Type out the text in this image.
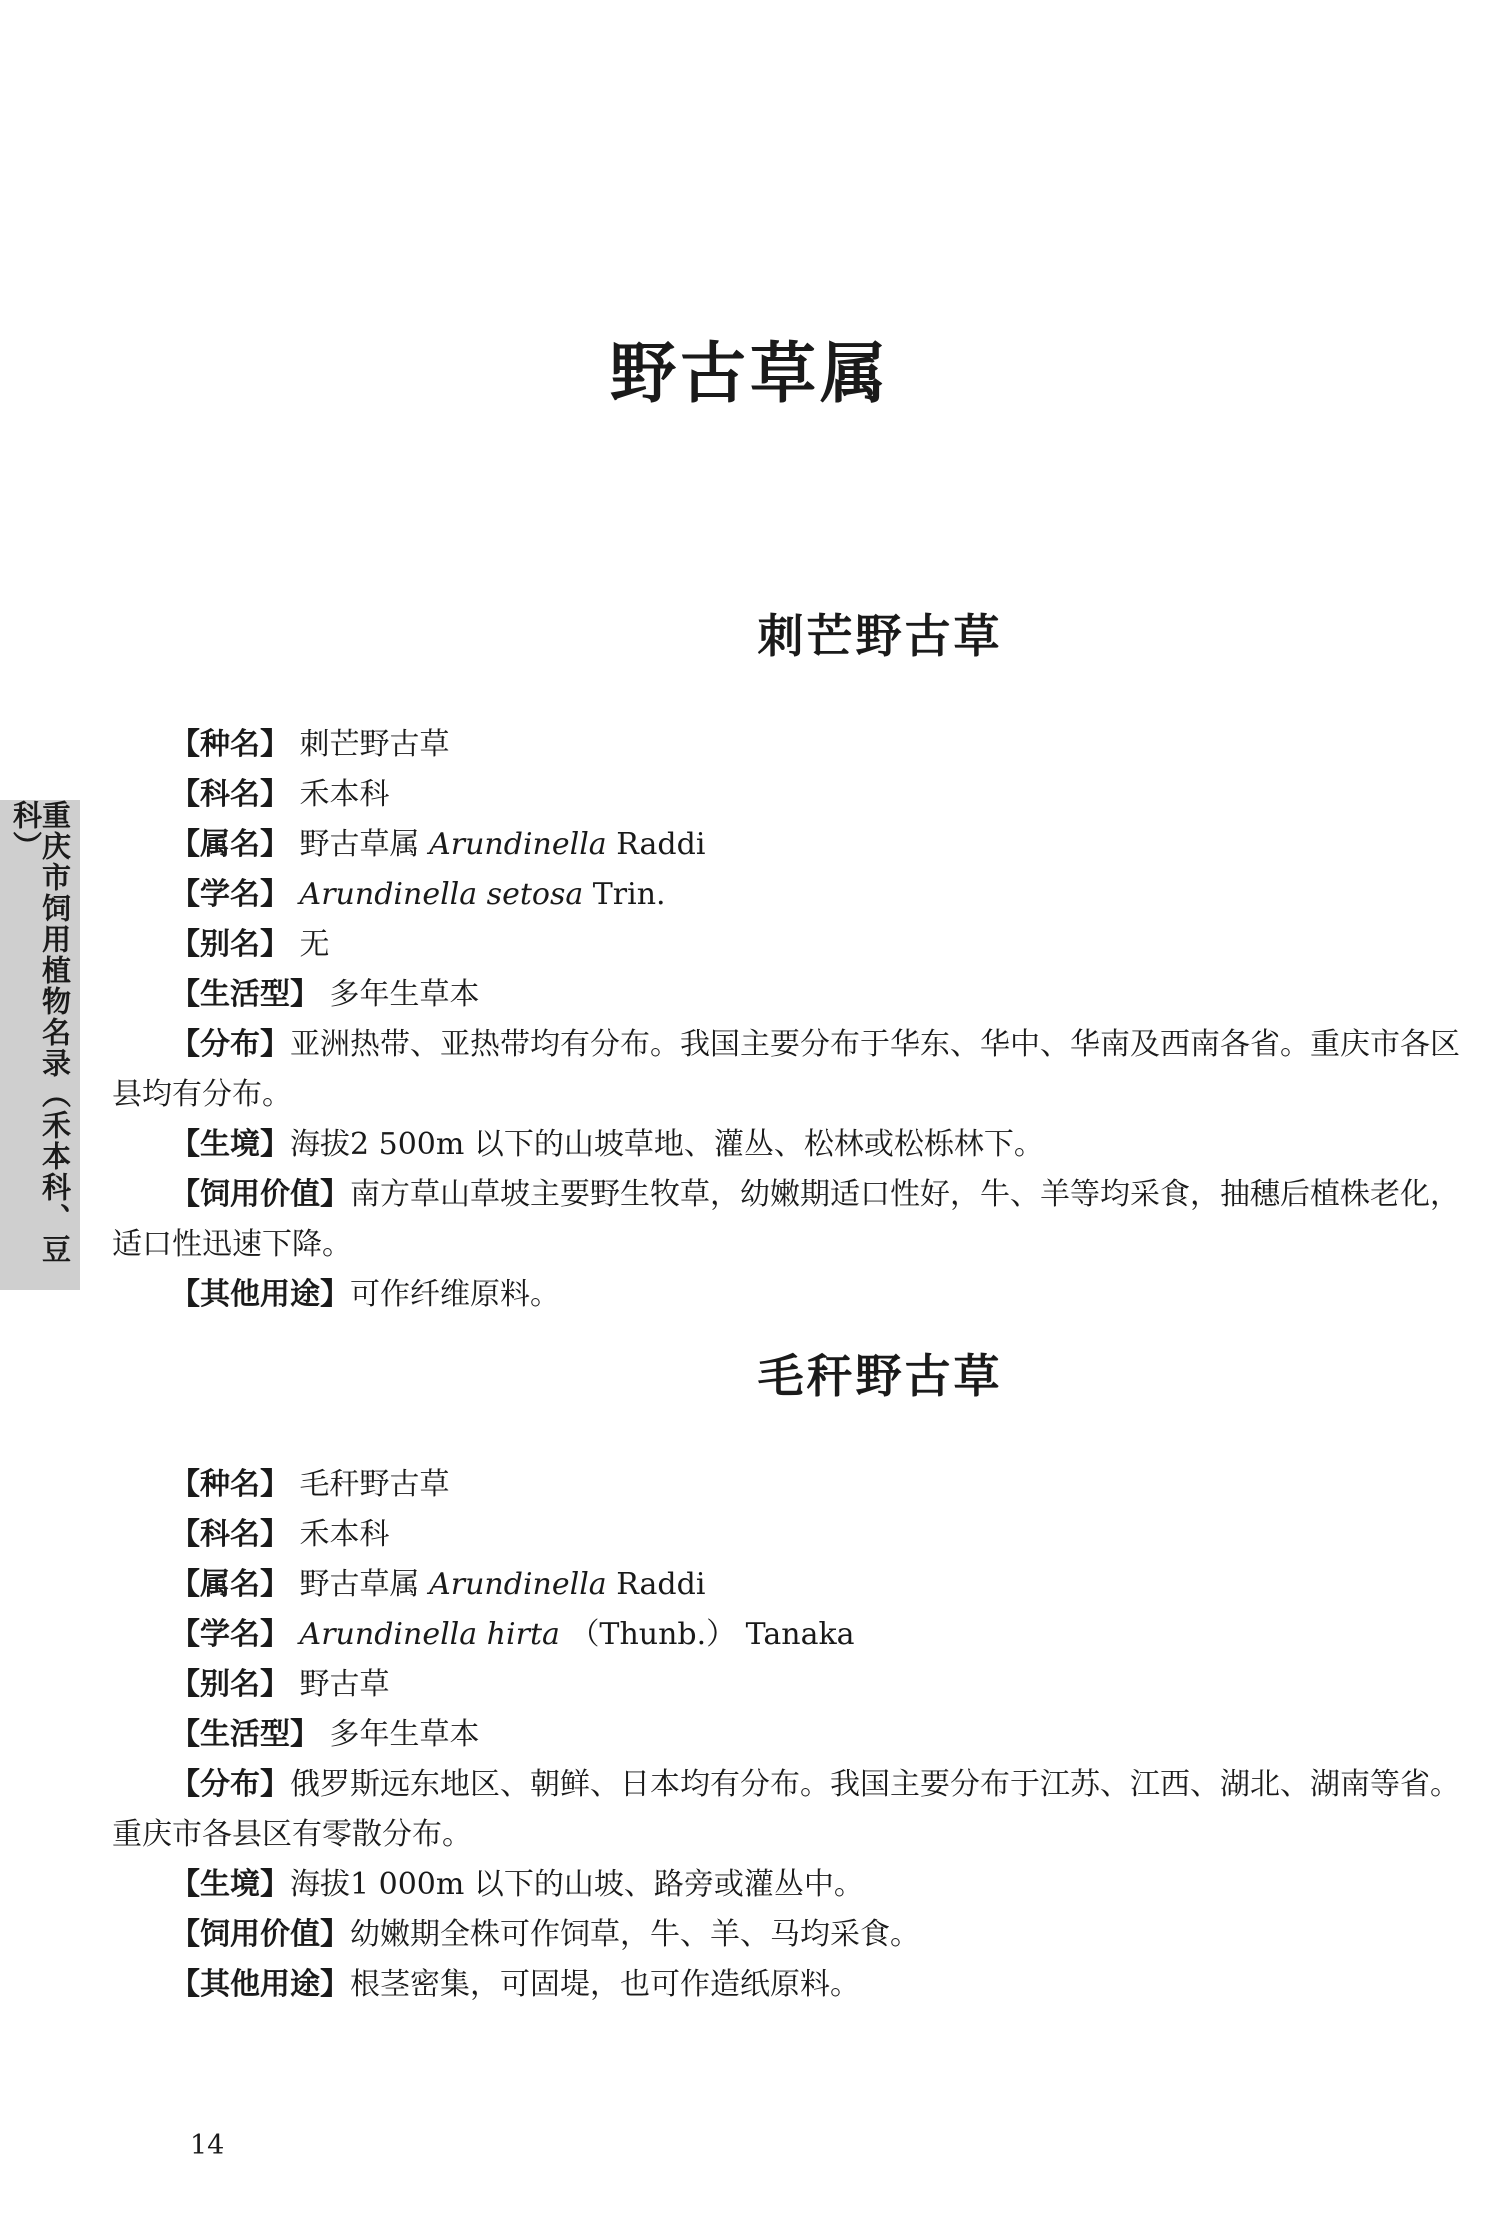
重庆市饲用植物名录（禾本科、豆科）
野古草属
刺芒野古草

【种名】 刺芒野古草

【科名】 禾本科

【属名】 野古草属 Arundinella Raddi

【学名】 Arundinella setosa Trin.

【别名】 无

【生活型】 多年生草本

【分布】亚洲热带、亚热带均有分布。我国主要分布于华东、华中、华南及西南各省。重庆市各区县均有分布。

【生境】海拔2 500m 以下的山坡草地、灌丛、松林或松栎林下。

【饲用价值】南方草山草坡主要野生牧草，幼嫩期适口性好，牛、羊等均采食，抽穗后植株老化，适口性迅速下降。

【其他用途】可作纤维原料。

毛秆野古草

【种名】 毛秆野古草

【科名】 禾本科

【属名】 野古草属 Arundinella Raddi

【学名】 Arundinella hirta （Thunb.） Tanaka

【别名】 野古草

【生活型】 多年生草本

【分布】俄罗斯远东地区、朝鲜、日本均有分布。我国主要分布于江苏、江西、湖北、湖南等省。重庆市各县区有零散分布。

【生境】海拔1 000m 以下的山坡、路旁或灌丛中。

【饲用价值】幼嫩期全株可作饲草，牛、羊、马均采食。

【其他用途】根茎密集，可固堤，也可作造纸原料。

14
